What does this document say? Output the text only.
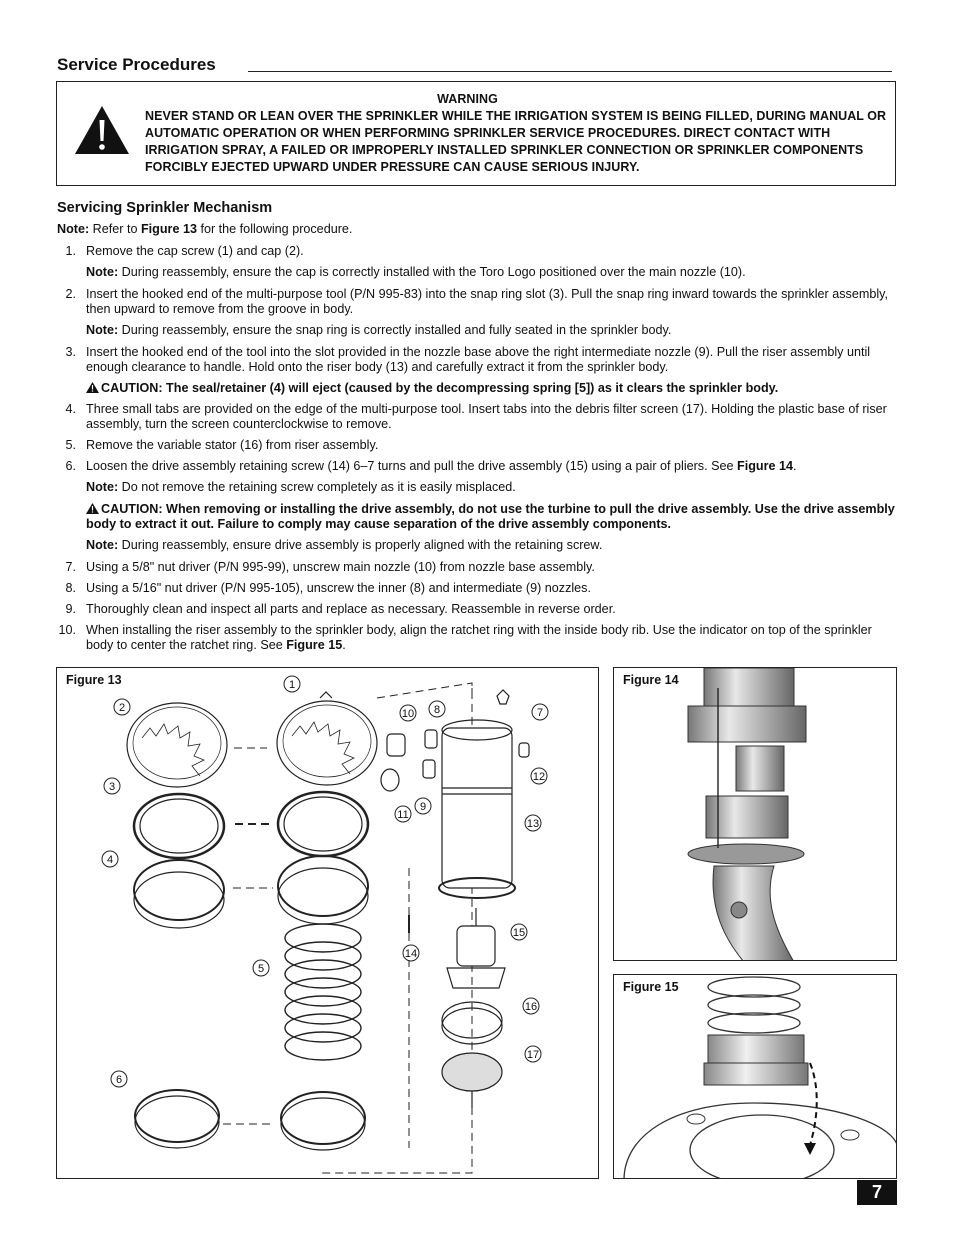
Service Procedures
WARNING
NEVER STAND OR LEAN OVER THE SPRINKLER WHILE THE IRRIGATION SYSTEM IS BEING FILLED, DURING MANUAL OR AUTOMATIC OPERATION OR WHEN PERFORMING SPRINKLER SERVICE PROCEDURES. DIRECT CONTACT WITH IRRIGATION SPRAY, A FAILED OR IMPROPERLY INSTALLED SPRINKLER CONNECTION OR SPRINKLER COMPONENTS FORCIBLY EJECTED UPWARD UNDER PRESSURE CAN CAUSE SERIOUS INJURY.
Servicing Sprinkler Mechanism
Note: Refer to Figure 13 for the following procedure.
1. Remove the cap screw (1) and cap (2).
Note: During reassembly, ensure the cap is correctly installed with the Toro Logo positioned over the main nozzle (10).
2. Insert the hooked end of the multi-purpose tool (P/N 995-83) into the snap ring slot (3). Pull the snap ring inward towards the sprinkler assembly, then upward to remove from the groove in body.
Note: During reassembly, ensure the snap ring is correctly installed and fully seated in the sprinkler body.
3. Insert the hooked end of the tool into the slot provided in the nozzle base above the right intermediate nozzle (9). Pull the riser assembly until enough clearance to handle. Hold onto the riser body (13) and carefully extract it from the sprinkler body.
CAUTION: The seal/retainer (4) will eject (caused by the decompressing spring [5]) as it clears the sprinkler body.
4. Three small tabs are provided on the edge of the multi-purpose tool. Insert tabs into the debris filter screen (17). Holding the plastic base of riser assembly, turn the screen counterclockwise to remove.
5. Remove the variable stator (16) from riser assembly.
6. Loosen the drive assembly retaining screw (14) 6–7 turns and pull the drive assembly (15) using a pair of pliers. See Figure 14.
Note: Do not remove the retaining screw completely as it is easily misplaced.
CAUTION: When removing or installing the drive assembly, do not use the turbine to pull the drive assembly. Use the drive assembly body to extract it out. Failure to comply may cause separation of the drive assembly components.
Note: During reassembly, ensure drive assembly is properly aligned with the retaining screw.
7. Using a 5/8" nut driver (P/N 995-99), unscrew main nozzle (10) from nozzle base assembly.
8. Using a 5/16" nut driver (P/N 995-105), unscrew the inner (8) and intermediate (9) nozzles.
9. Thoroughly clean and inspect all parts and replace as necessary. Reassemble in reverse order.
10. When installing the riser assembly to the sprinkler body, align the ratchet ring with the inside body rib. Use the indicator on top of the sprinkler body to center the ratchet ring. See Figure 15.
Figure 13	1
2
3
4
5
6
7
8
9
10
11
12
13
14
15
16
17
Figure 14
Figure 15
7
